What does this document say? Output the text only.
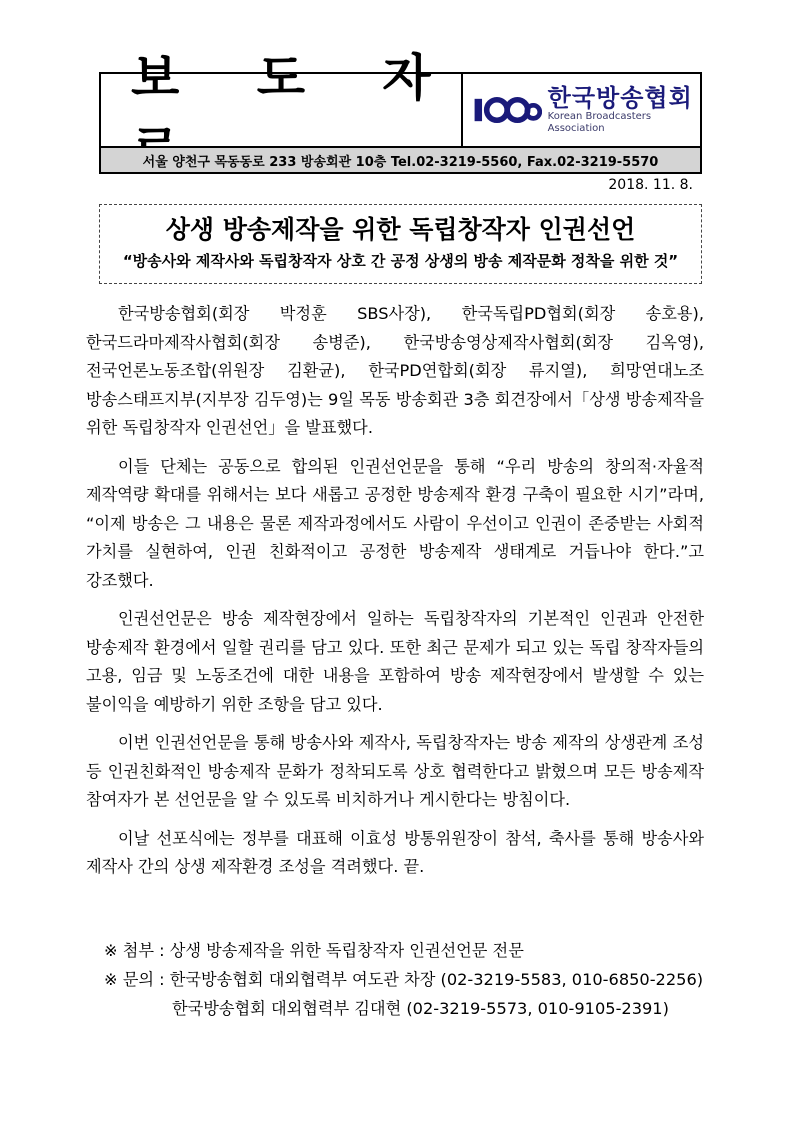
보 도 자	한국방송협회
Korean Broadcasters Association
서울 양천구 목동동로 233 방송회관 10층 Tel.02-3219-5560, Fax.02-3219-5570
2018. 11. 8.
상생 방송제작을 위한 독립창작자 인권선언
“방송사와 제작사와 독립창작자 상호 간 공정 상생의 방송 제작문화 정착을 위한 것”

한국방송협회(회장 박정훈 SBS사장), 한국독립PD협회(회장 송호용), 한국드라마제작사협회(회장 송병준), 한국방송영상제작사협회(회장 김옥영), 전국언론노동조합(위원장 김환균), 한국PD연합회(회장 류지열), 희망연대노조 방송스태프지부(지부장 김두영)는 9일 목동 방송회관 3층 회견장에서「상생 방송제작을 위한 독립창작자 인권선언」을 발표했다.

이들 단체는 공동으로 합의된 인권선언문을 통해 “우리 방송의 창의적·자율적 제작역량 확대를 위해서는 보다 새롭고 공정한 방송제작 환경 구축이 필요한 시기”라며, “이제 방송은 그 내용은 물론 제작과정에서도 사람이 우선이고 인권이 존중받는 사회적 가치를 실현하여, 인권 친화적이고 공정한 방송제작 생태계로 거듭나야 한다.”고 강조했다.

인권선언문은 방송 제작현장에서 일하는 독립창작자의 기본적인 인권과 안전한 방송제작 환경에서 일할 권리를 담고 있다. 또한 최근 문제가 되고 있는 독립 창작자들의 고용, 임금 및 노동조건에 대한 내용을 포함하여 방송 제작현장에서 발생할 수 있는 불이익을 예방하기 위한 조항을 담고 있다.

이번 인권선언문을 통해 방송사와 제작사, 독립창작자는 방송 제작의 상생관계 조성 등 인권친화적인 방송제작 문화가 정착되도록 상호 협력한다고 밝혔으며 모든 방송제작 참여자가 본 선언문을 알 수 있도록 비치하거나 게시한다는 방침이다.

이날 선포식에는 정부를 대표해 이효성 방통위원장이 참석, 축사를 통해 방송사와 제작사 간의 상생 제작환경 조성을 격려했다. 끝.

※ 첨부 : 상생 방송제작을 위한 독립창작자 인권선언문 전문
※ 문의 : 한국방송협회 대외협력부 여도관 차장 (02-3219-5583, 010-6850-2256)
한국방송협회 대외협력부 김대현 (02-3219-5573, 010-9105-2391)
